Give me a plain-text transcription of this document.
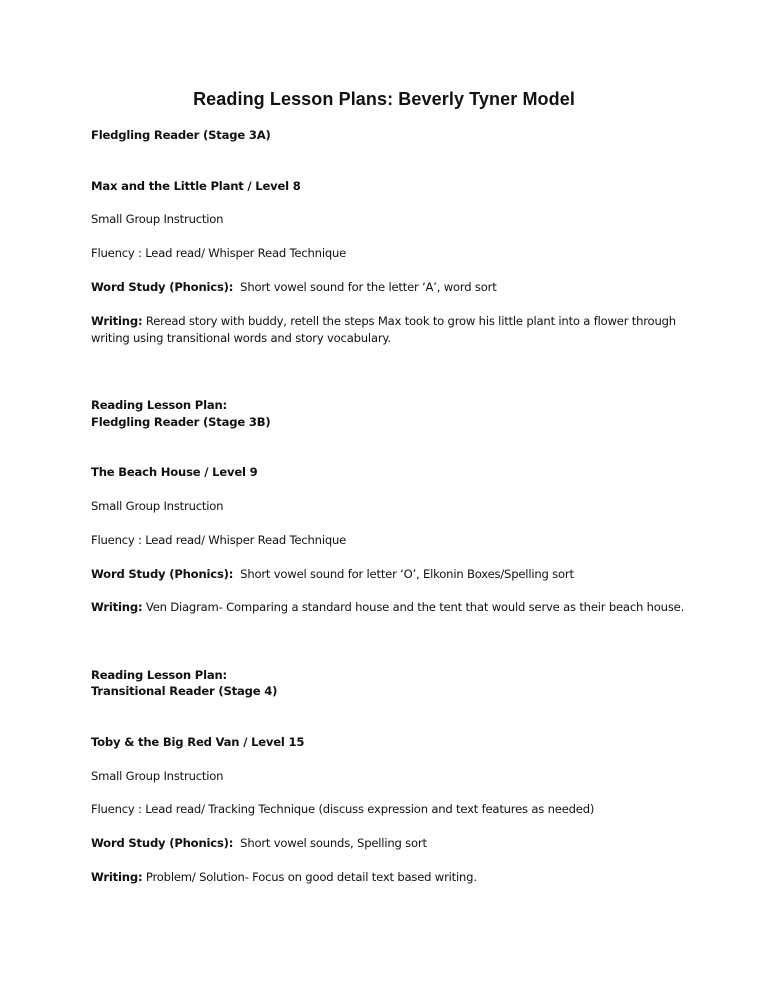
Reading Lesson Plans: Beverly Tyner Model
Fledgling Reader (Stage 3A)
Max and the Little Plant / Level 8
Small Group Instruction
Fluency : Lead read/ Whisper Read Technique
Word Study (Phonics):  Short vowel sound for the letter ‘A’, word sort
Writing: Reread story with buddy, retell the steps Max took to grow his little plant into a flower through writing using transitional words and story vocabulary.
Reading Lesson Plan:
Fledgling Reader (Stage 3B)
The Beach House / Level 9
Small Group Instruction
Fluency : Lead read/ Whisper Read Technique
Word Study (Phonics):  Short vowel sound for letter ‘O’, Elkonin Boxes/Spelling sort
Writing: Ven Diagram- Comparing a standard house and the tent that would serve as their beach house.
Reading Lesson Plan:
Transitional Reader (Stage 4)
Toby & the Big Red Van / Level 15
Small Group Instruction
Fluency : Lead read/ Tracking Technique (discuss expression and text features as needed)
Word Study (Phonics):  Short vowel sounds, Spelling sort
Writing: Problem/ Solution- Focus on good detail text based writing.
